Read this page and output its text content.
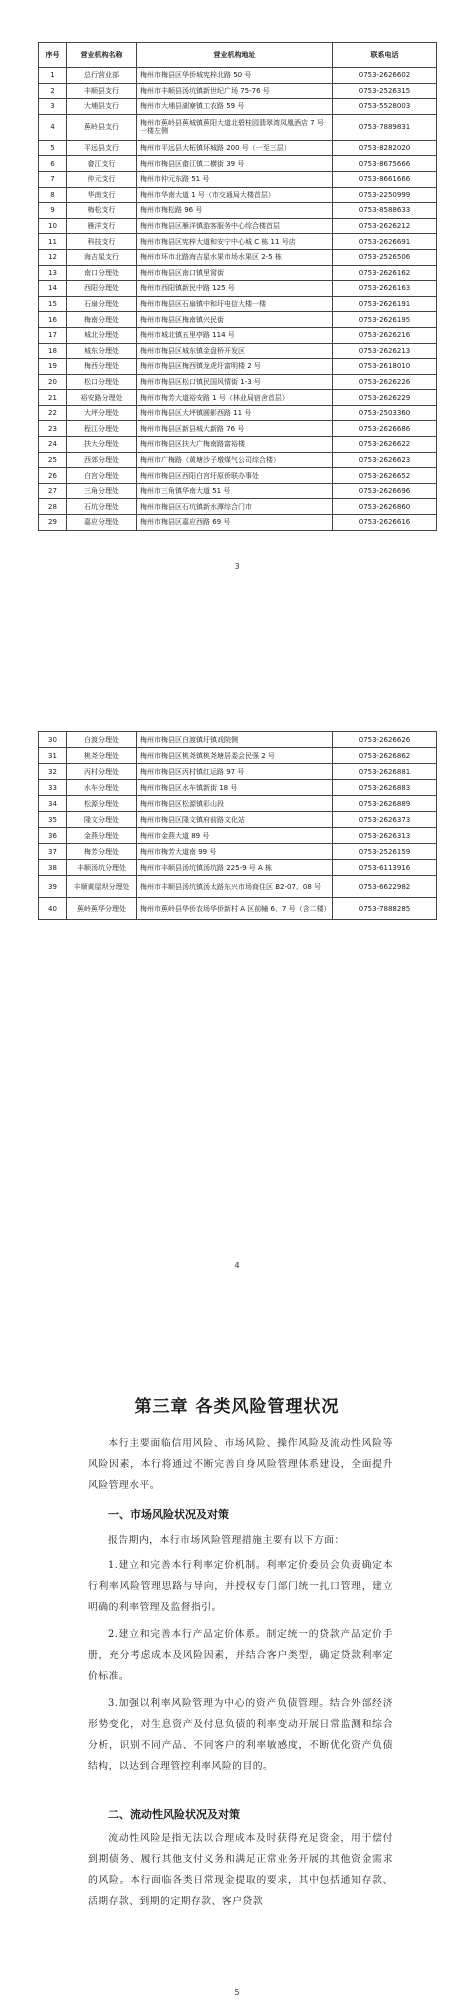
序号	营业机构名称	营业机构地址	联系电话
1	总行营业部	梅州市梅县区华侨城宪梓北路 50 号	0753-2626602
2	丰顺县支行	梅州市丰顺县汤坑镇新世纪广场 75-76 号	0753-2526315
3	大埔县支行	梅州市大埔县湖寮镇工农路 59 号	0753-5528003
4	蕉岭县支行	梅州市蕉岭县蕉城镇蕉阳大道北碧桂园翡翠湾凤凰酒店 7 号一楼左侧	0753-7889831
5	平远县支行	梅州市平远县大柘镇环城路 200 号（一至三层）	0753-8282020
6	畲江支行	梅州市梅县区畲江镇二横街 39 号	0753-8675666
7	仲元支行	梅州市仲元东路 51 号	0753-8661666
8	华南支行	梅州市华南大道 1 号（市交通局大楼首层）	0753-2250999
9	梅松支行	梅州市梅松路 96 号	0753-8588633
10	雁洋支行	梅州市梅县区雁洋镇游客服务中心综合楼首层	0753-2626212
11	科技支行	梅州市梅县区宪梓大道和安宁中心城 C 栋 11 号店	0753-2626691
12	海吉星支行	梅州市环市北路海吉星水果市场水果区 2-5 栋	0753-2526506
13	南口分理处	梅州市梅县区南口镇里窝街	0753-2626162
14	西阳分理处	梅州市西阳镇新民中路 125 号	0753-2626163
15	石扇分理处	梅州市梅县区石扇镇中和圩电信大楼一楼	0753-2626191
16	梅南分理处	梅州市梅县区梅南镇兴民街	0753-2626195
17	城北分理处	梅州市城北镇五里亭路 114 号	0753-2626216
18	城东分理处	梅州市梅县区城东镇金盘桥开发区	0753-2626213
19	梅西分理处	梅州市梅县区梅西镇龙虎圩富明楼 2 号	0753-2618010
20	松口分理处	梅州市梅县区松口镇民国风情街 1-3 号	0753-2626226
21	裕安路分理处	梅州市梅芳大道裕安路 1 号（林业局宿舍首层）	0753-2626229
22	大坪分理处	梅州市梅县区大坪镇圆影西路 11 号	0753-2503360
23	程江分理处	梅州市梅县区新县城大新路 76 号	0753-2626686
24	扶大分理处	梅州市梅县区扶大广梅南路富裕楼	0753-2626622
25	西郊分理处	梅州市广梅路（黄塘沙子墩煤气公司综合楼）	0753-2626623
26	白宫分理处	梅州市梅县区西阳白宫圩原侨联办事处	0753-2626652
27	三角分理处	梅州市三角镇华南大道 51 号	0753-2626696
28	石坑分理处	梅州市梅县区石坑镇新水潭综合门市	0753-2626860
29	嘉应分理处	梅州市梅县区嘉应西路 69 号	0753-2626616
3
30	白渡分理处	梅州市梅县区白渡镇圩镇戏院侧	0753-2626626
31	桃尧分理处	梅州市梅县区桃尧镇桃尧塘居委会民强 2 号	0753-2626862
32	丙村分理处	梅州市梅县区丙村镇红运路 97 号	0753-2626881
33	水车分理处	梅州市梅县区水车镇新街 18 号	0753-2626883
34	松源分理处	梅州市梅县区松源镇彩山段	0753-2626889
35	隆文分理处	梅州市梅县区隆文镇府前路文化站	0753-2626373
36	金燕分理处	梅州市金燕大道 89 号	0753-2626313
37	梅芳分理处	梅州市梅芳大道南 99 号	0753-2526159
38	丰顺汤坑分理处	梅州市丰顺县汤坑镇汤坑路 225-9 号 A 栋	0753-6113916
39	丰顺黄屋坝分理处	梅州市丰顺县汤坑镇汤太路东兴市场商住区 B2-07、08 号	0753-6622982
40	蕉岭蕉华分理处	梅州市蕉岭县华侨农场华侨新村 A 区前幢 6、7 号（含二楼）	0753-7888285
4
第三章 各类风险管理状况
本行主要面临信用风险、市场风险、操作风险及流动性风险等风险因素，本行将通过不断完善自身风险管理体系建设，全面提升风险管理水平。
一、市场风险状况及对策
报告期内，本行市场风险管理措施主要有以下方面：
1.建立和完善本行利率定价机制。利率定价委员会负责确定本行利率风险管理思路与导向，并授权专门部门统一扎口管理，建立明确的利率管理及监督指引。
2.建立和完善本行产品定价体系。制定统一的贷款产品定价手册，充分考虑成本及风险因素，并结合客户类型，确定贷款利率定价标准。
3.加强以利率风险管理为中心的资产负债管理。结合外部经济形势变化，对生息资产及付息负债的利率变动开展日常监测和综合分析，识别不同产品、不同客户的利率敏感度，不断优化资产负债结构，以达到合理管控利率风险的目的。
二、流动性风险状况及对策
流动性风险是指无法以合理成本及时获得充足资金，用于偿付到期债务、履行其他支付义务和满足正常业务开展的其他资金需求的风险。本行面临各类日常现金提取的要求，其中包括通知存款、活期存款、到期的定期存款、客户贷款
5
